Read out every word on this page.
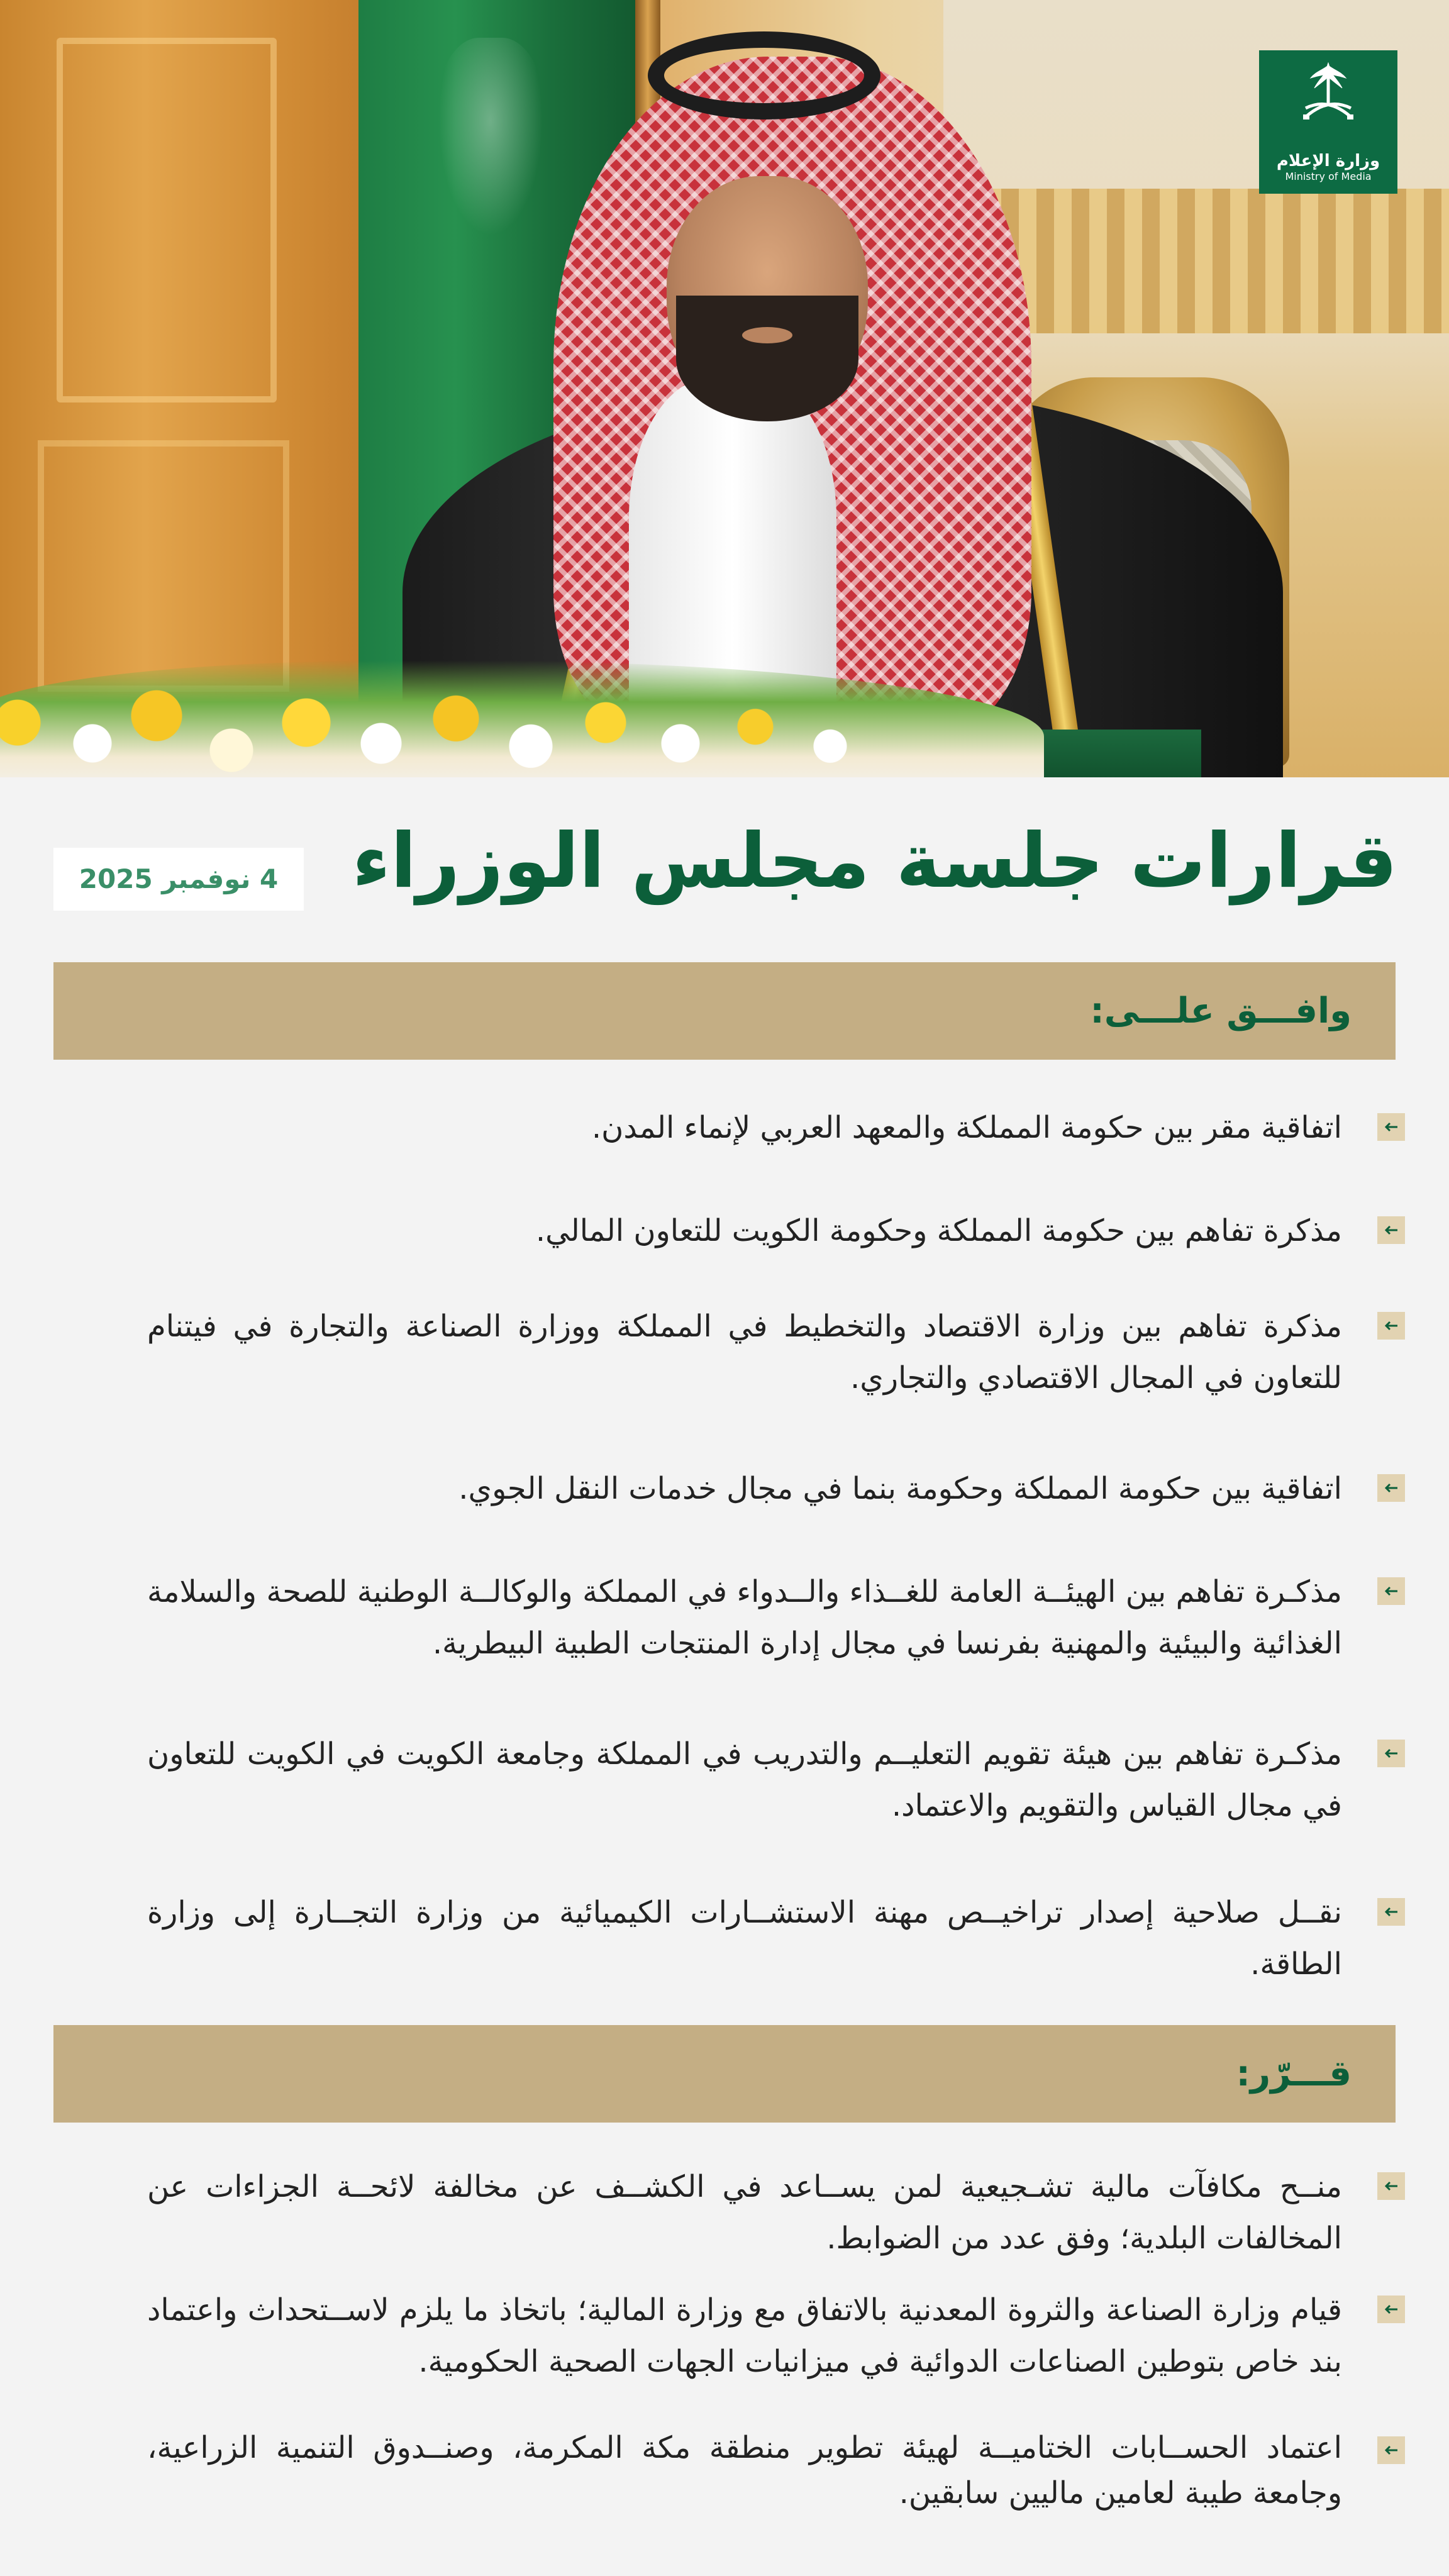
وزارة الإعلام
Ministry of Media
قرارات جلسة مجلس الوزراء
4 نوفمبر 2025
وافـــق علـــى:

اتفاقية مقر بين حكومة المملكة والمعهد العربي لإنماء المدن.

مذكرة تفاهم بين حكومة المملكة وحكومة الكويت للتعاون المالي.

مذكرة تفاهم بين وزارة الاقتصاد والتخطيط في المملكة ووزارة الصناعة والتجارة في فيتنام للتعاون في المجال الاقتصادي والتجاري.

اتفاقية بين حكومة المملكة وحكومة بنما في مجال خدمات النقل الجوي.

مذكـرة تفاهم بين الهيئــة العامة للغــذاء والــدواء في المملكة والوكالــة الوطنية للصحة والسلامة الغذائية والبيئية والمهنية بفرنسا في مجال إدارة المنتجات الطبية البيطرية.

مذكـرة تفاهم بين هيئة تقويم التعليــم والتدريب في المملكة وجامعة الكويت في الكويت للتعاون في مجال القياس والتقويم والاعتماد.

نقــل صلاحية إصدار تراخيــص مهنة الاستشــارات الكيميائية من وزارة التجــارة إلى وزارة الطاقة.

قـــرّر:

منــح مكافآت مالية تشـجيعية لمن يســاعد في الكشــف عن مخالفة لائحــة الجزاءات عن المخالفات البلدية؛ وفق عدد من الضوابط.

قيام وزارة الصناعة والثروة المعدنية بالاتفاق مع وزارة المالية؛ باتخاذ ما يلزم لاســتحداث واعتماد بند خاص بتوطين الصناعات الدوائية في ميزانيات الجهات الصحية الحكومية.

اعتماد الحســابات الختاميــة لهيئة تطوير منطقة مكة المكرمة، وصنــدوق التنمية الزراعية، وجامعة طيبة لعامين ماليين سابقين.
